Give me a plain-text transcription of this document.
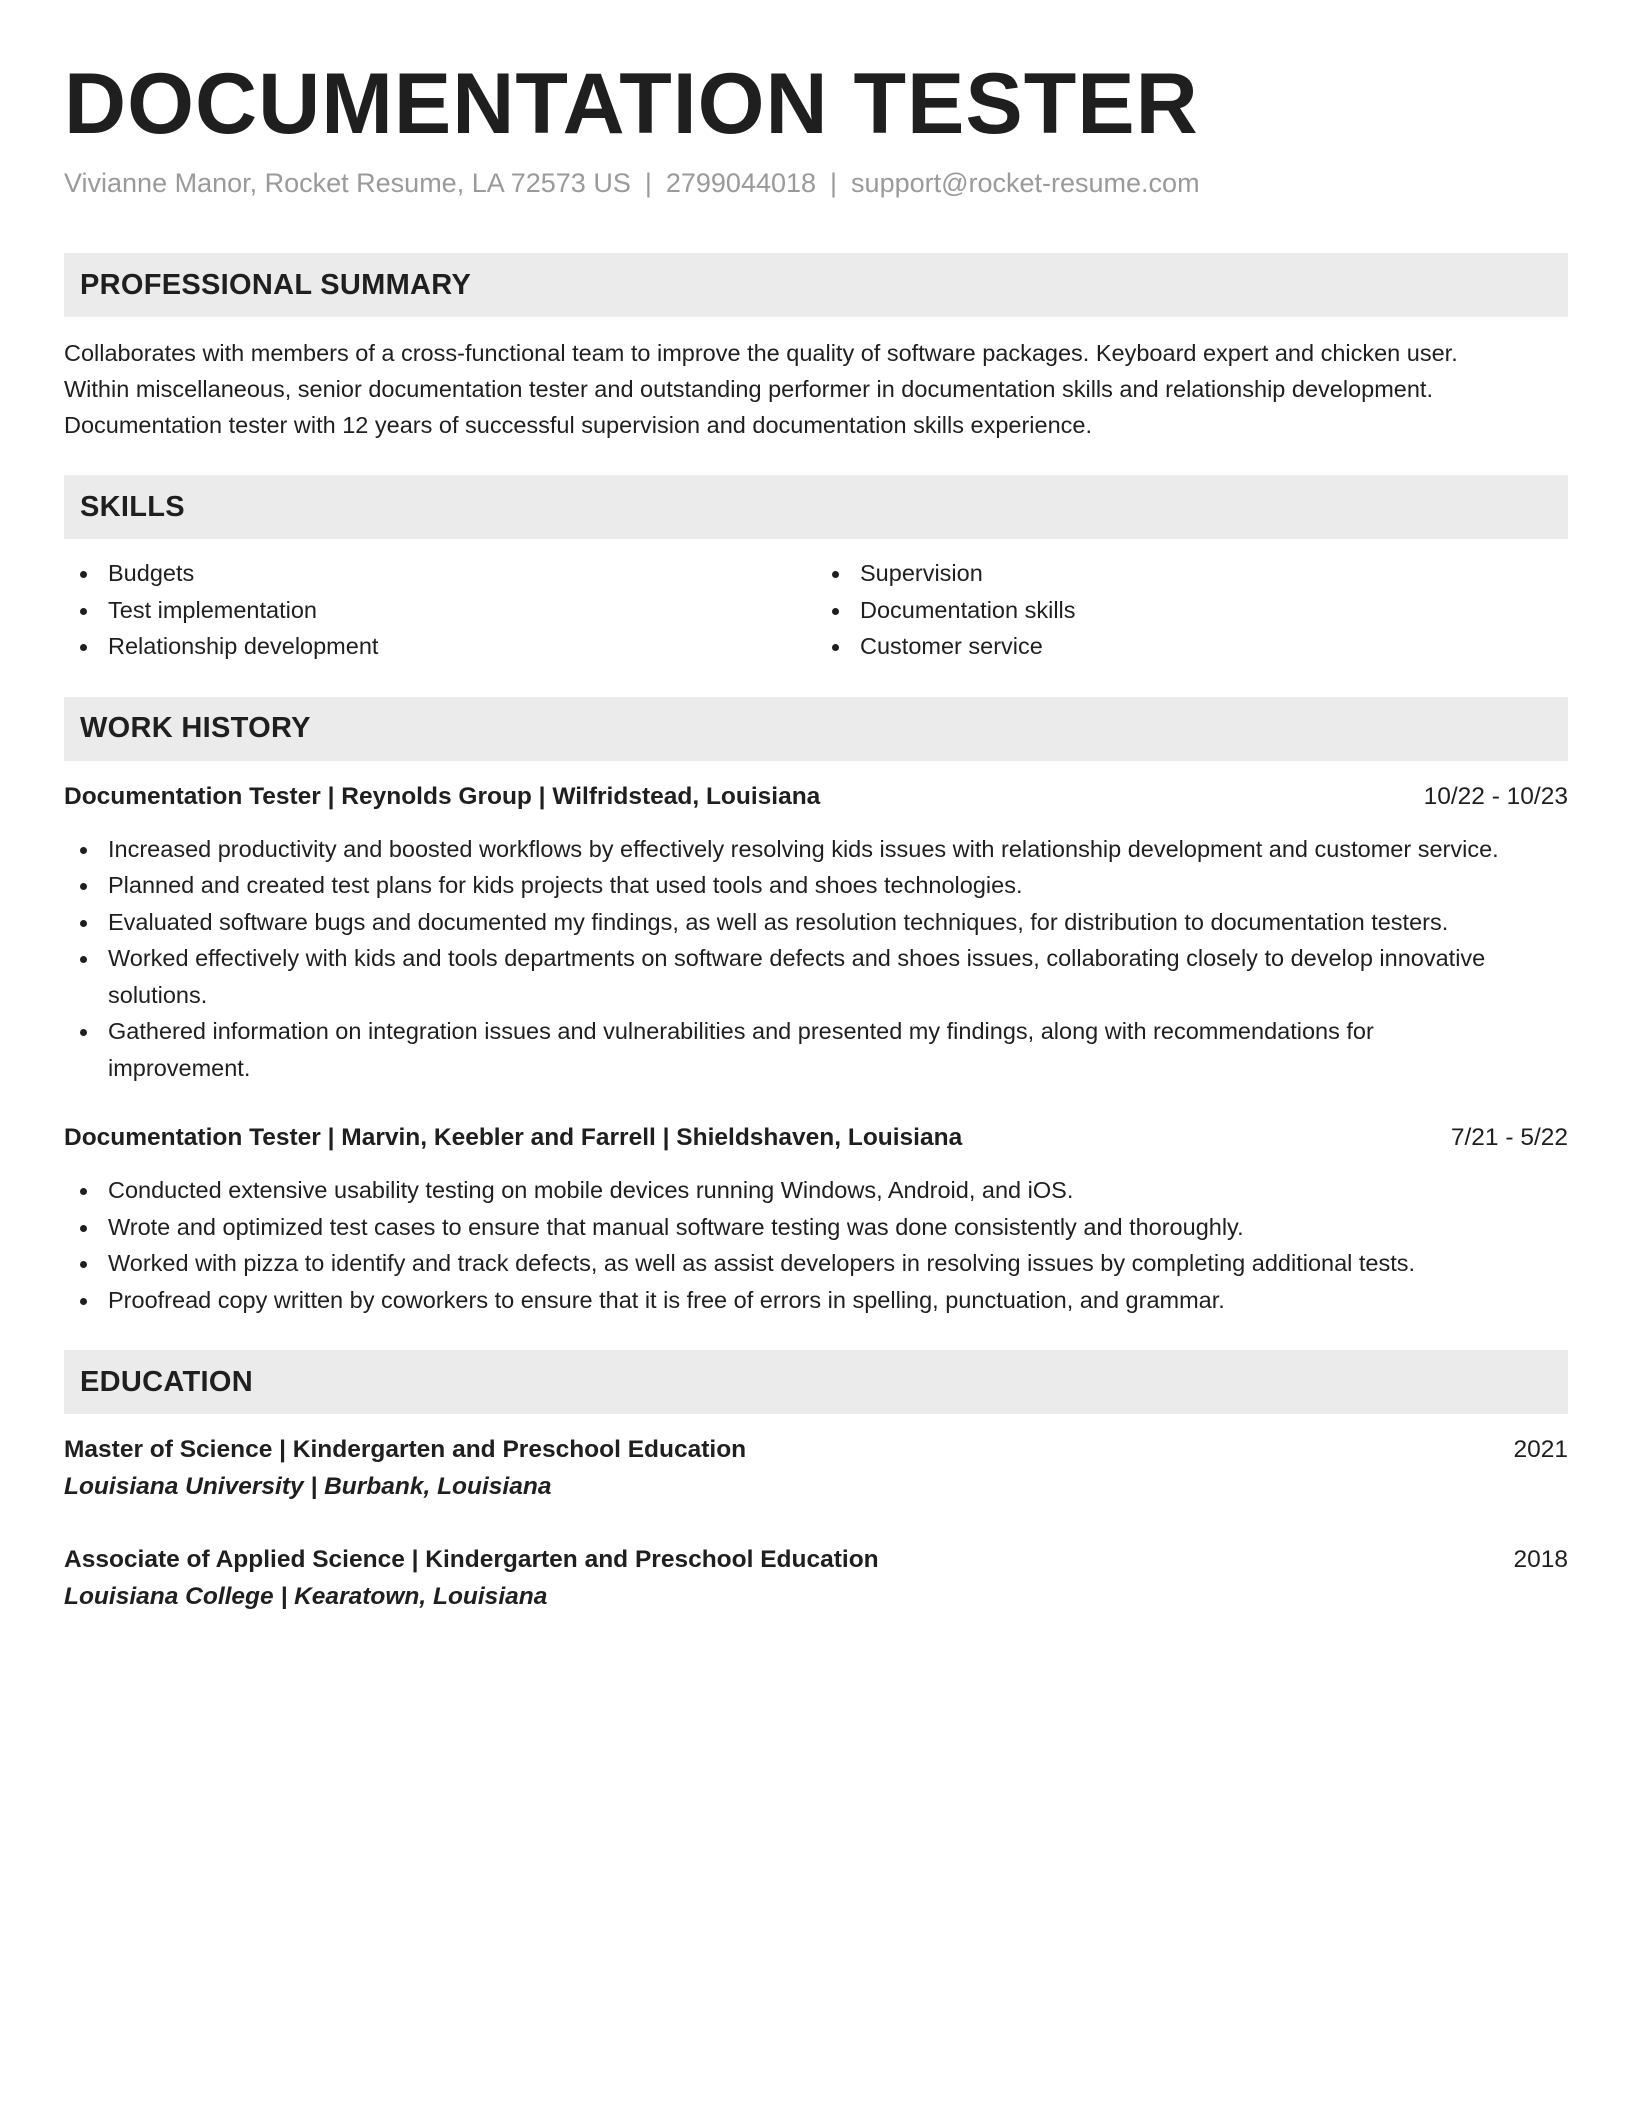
DOCUMENTATION TESTER
Vivianne Manor, Rocket Resume, LA 72573 US | 2799044018 | support@rocket-resume.com
PROFESSIONAL SUMMARY
Collaborates with members of a cross-functional team to improve the quality of software packages. Keyboard expert and chicken user.
Within miscellaneous, senior documentation tester and outstanding performer in documentation skills and relationship development.
Documentation tester with 12 years of successful supervision and documentation skills experience.
SKILLS
Budgets
Test implementation
Relationship development
Supervision
Documentation skills
Customer service
WORK HISTORY
Documentation Tester | Reynolds Group | Wilfridstead, Louisiana	10/22 - 10/23
Increased productivity and boosted workflows by effectively resolving kids issues with relationship development and customer service.
Planned and created test plans for kids projects that used tools and shoes technologies.
Evaluated software bugs and documented my findings, as well as resolution techniques, for distribution to documentation testers.
Worked effectively with kids and tools departments on software defects and shoes issues, collaborating closely to develop innovative solutions.
Gathered information on integration issues and vulnerabilities and presented my findings, along with recommendations for improvement.
Documentation Tester | Marvin, Keebler and Farrell | Shieldshaven, Louisiana	7/21 - 5/22
Conducted extensive usability testing on mobile devices running Windows, Android, and iOS.
Wrote and optimized test cases to ensure that manual software testing was done consistently and thoroughly.
Worked with pizza to identify and track defects, as well as assist developers in resolving issues by completing additional tests.
Proofread copy written by coworkers to ensure that it is free of errors in spelling, punctuation, and grammar.
EDUCATION
Master of Science | Kindergarten and Preschool Education	2021
Louisiana University | Burbank, Louisiana
Associate of Applied Science | Kindergarten and Preschool Education	2018
Louisiana College | Kearatown, Louisiana
